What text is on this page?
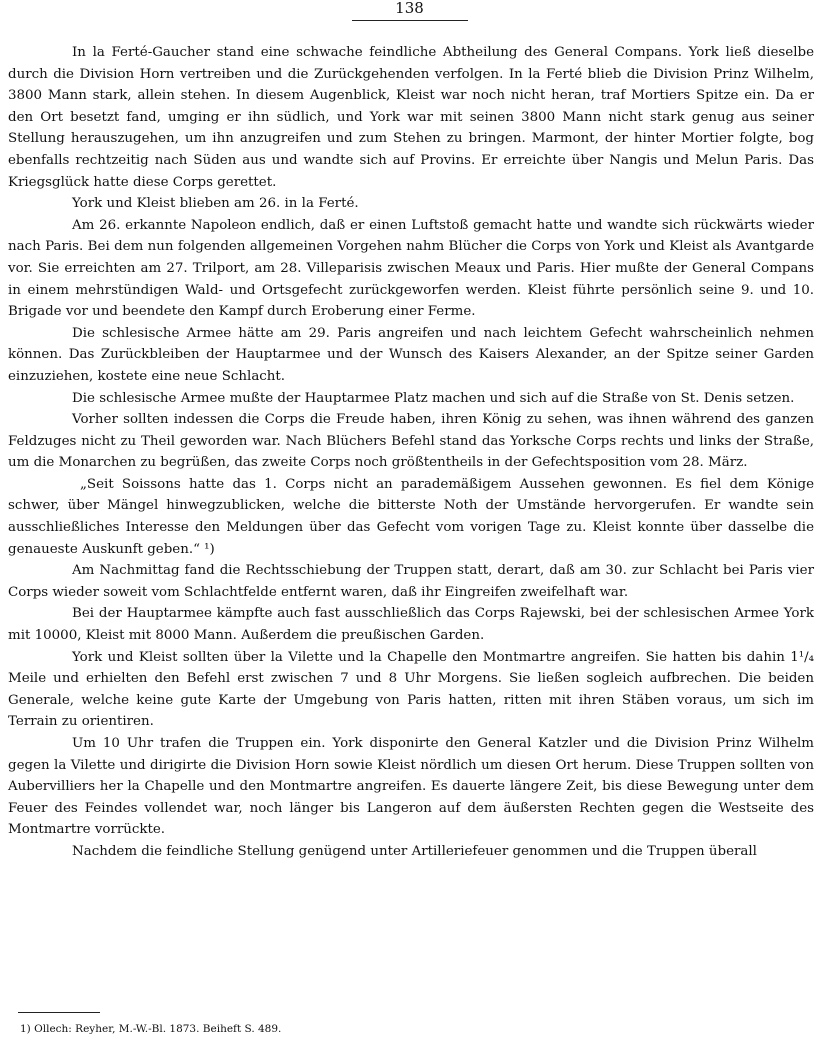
138

In la Ferté-Gaucher stand eine schwache feindliche Abtheilung des General Compans. York ließ dieselbe durch die Division Horn vertreiben und die Zurückgehenden verfolgen. In la Ferté blieb die Division Prinz Wilhelm, 3800 Mann stark, allein stehen. In diesem Augenblick, Kleist war noch nicht heran, traf Mortiers Spitze ein. Da er den Ort besetzt fand, umging er ihn südlich, und York war mit seinen 3800 Mann nicht stark genug aus seiner Stellung herauszugehen, um ihn anzugreifen und zum Stehen zu bringen. Marmont, der hinter Mortier folgte, bog ebenfalls rechtzeitig nach Süden aus und wandte sich auf Provins. Er erreichte über Nangis und Melun Paris. Das Kriegsglück hatte diese Corps gerettet.

York und Kleist blieben am 26. in la Ferté.

Am 26. erkannte Napoleon endlich, daß er einen Luftstoß gemacht hatte und wandte sich rückwärts wieder nach Paris. Bei dem nun folgenden allgemeinen Vorgehen nahm Blücher die Corps von York und Kleist als Avantgarde vor. Sie erreichten am 27. Trilport, am 28. Villeparisis zwischen Meaux und Paris. Hier mußte der General Compans in einem mehrstündigen Wald- und Ortsgefecht zurückgeworfen werden. Kleist führte persönlich seine 9. und 10. Brigade vor und beendete den Kampf durch Eroberung einer Ferme.

Die schlesische Armee hätte am 29. Paris angreifen und nach leichtem Gefecht wahrscheinlich nehmen können. Das Zurückbleiben der Hauptarmee und der Wunsch des Kaisers Alexander, an der Spitze seiner Garden einzuziehen, kostete eine neue Schlacht.

Die schlesische Armee mußte der Hauptarmee Platz machen und sich auf die Straße von St. Denis setzen.

Vorher sollten indessen die Corps die Freude haben, ihren König zu sehen, was ihnen während des ganzen Feldzuges nicht zu Theil geworden war. Nach Blüchers Befehl stand das Yorksche Corps rechts und links der Straße, um die Monarchen zu begrüßen, das zweite Corps noch größtentheils in der Gefechtsposition vom 28. März.

„Seit Soissons hatte das 1. Corps nicht an parademäßigem Aussehen gewonnen. Es fiel dem Könige schwer, über Mängel hinwegzublicken, welche die bitterste Noth der Umstände hervorgerufen. Er wandte sein ausschließliches Interesse den Meldungen über das Gefecht vom vorigen Tage zu. Kleist konnte über dasselbe die genaueste Auskunft geben.“ ¹)

Am Nachmittag fand die Rechtsschiebung der Truppen statt, derart, daß am 30. zur Schlacht bei Paris vier Corps wieder soweit vom Schlachtfelde entfernt waren, daß ihr Eingreifen zweifelhaft war.

Bei der Hauptarmee kämpfte auch fast ausschließlich das Corps Rajewski, bei der schlesischen Armee York mit 10000, Kleist mit 8000 Mann. Außerdem die preußischen Garden.

York und Kleist sollten über la Vilette und la Chapelle den Montmartre angreifen. Sie hatten bis dahin 1¹/₄ Meile und erhielten den Befehl erst zwischen 7 und 8 Uhr Morgens. Sie ließen sogleich aufbrechen. Die beiden Generale, welche keine gute Karte der Umgebung von Paris hatten, ritten mit ihren Stäben voraus, um sich im Terrain zu orientiren.

Um 10 Uhr trafen die Truppen ein. York disponirte den General Katzler und die Division Prinz Wilhelm gegen la Vilette und dirigirte die Division Horn sowie Kleist nördlich um diesen Ort herum. Diese Truppen sollten von Aubervilliers her la Chapelle und den Montmartre angreifen. Es dauerte längere Zeit, bis diese Bewegung unter dem Feuer des Feindes vollendet war, noch länger bis Langeron auf dem äußersten Rechten gegen die Westseite des Montmartre vorrückte.

Nachdem die feindliche Stellung genügend unter Artilleriefeuer genommen und die Truppen überall

1) Ollech: Reyher, M.-W.-Bl. 1873. Beiheft S. 489.
